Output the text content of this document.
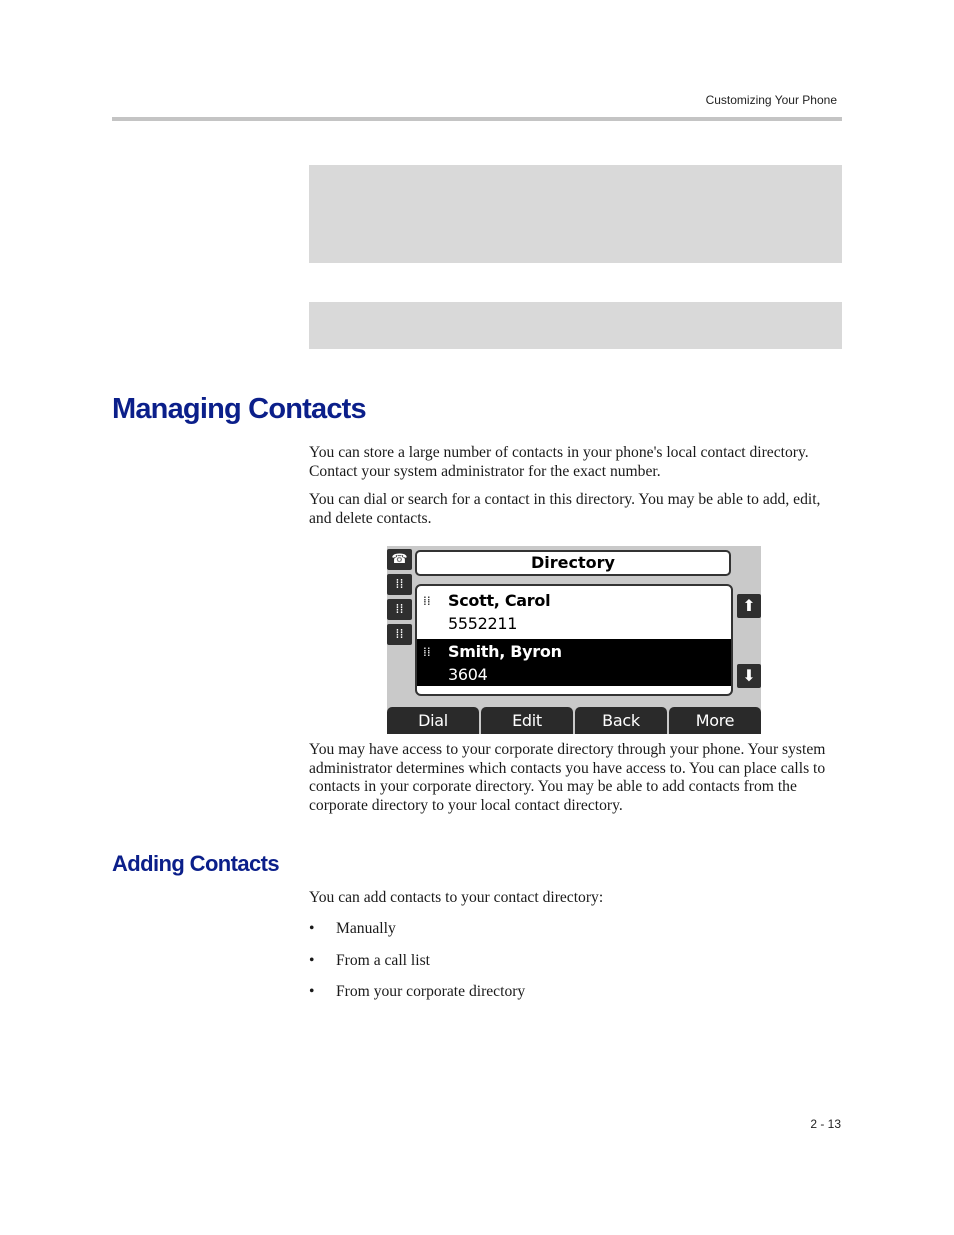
Customizing Your Phone
Managing Contacts

You can store a large number of contacts in your phone's local contact directory. Contact your system administrator for the exact number.

You can dial or search for a contact in this directory. You may be able to add, edit, and delete contacts.

☎
⁞⁞
⁞⁞
⁞⁞
Directory
⁞⁞ Scott, Carol
5552211
⁞⁞ Smith, Byron
3604
⬆
⬇
Dial	Edit	Back	More

You may have access to your corporate directory through your phone. Your system administrator determines which contacts you have access to. You can place calls to contacts in your corporate directory. You may be able to add contacts from the corporate directory to your local contact directory.

Adding Contacts

You can add contacts to your contact directory:

• Manually
• From a call list
• From your corporate directory
2 - 13
